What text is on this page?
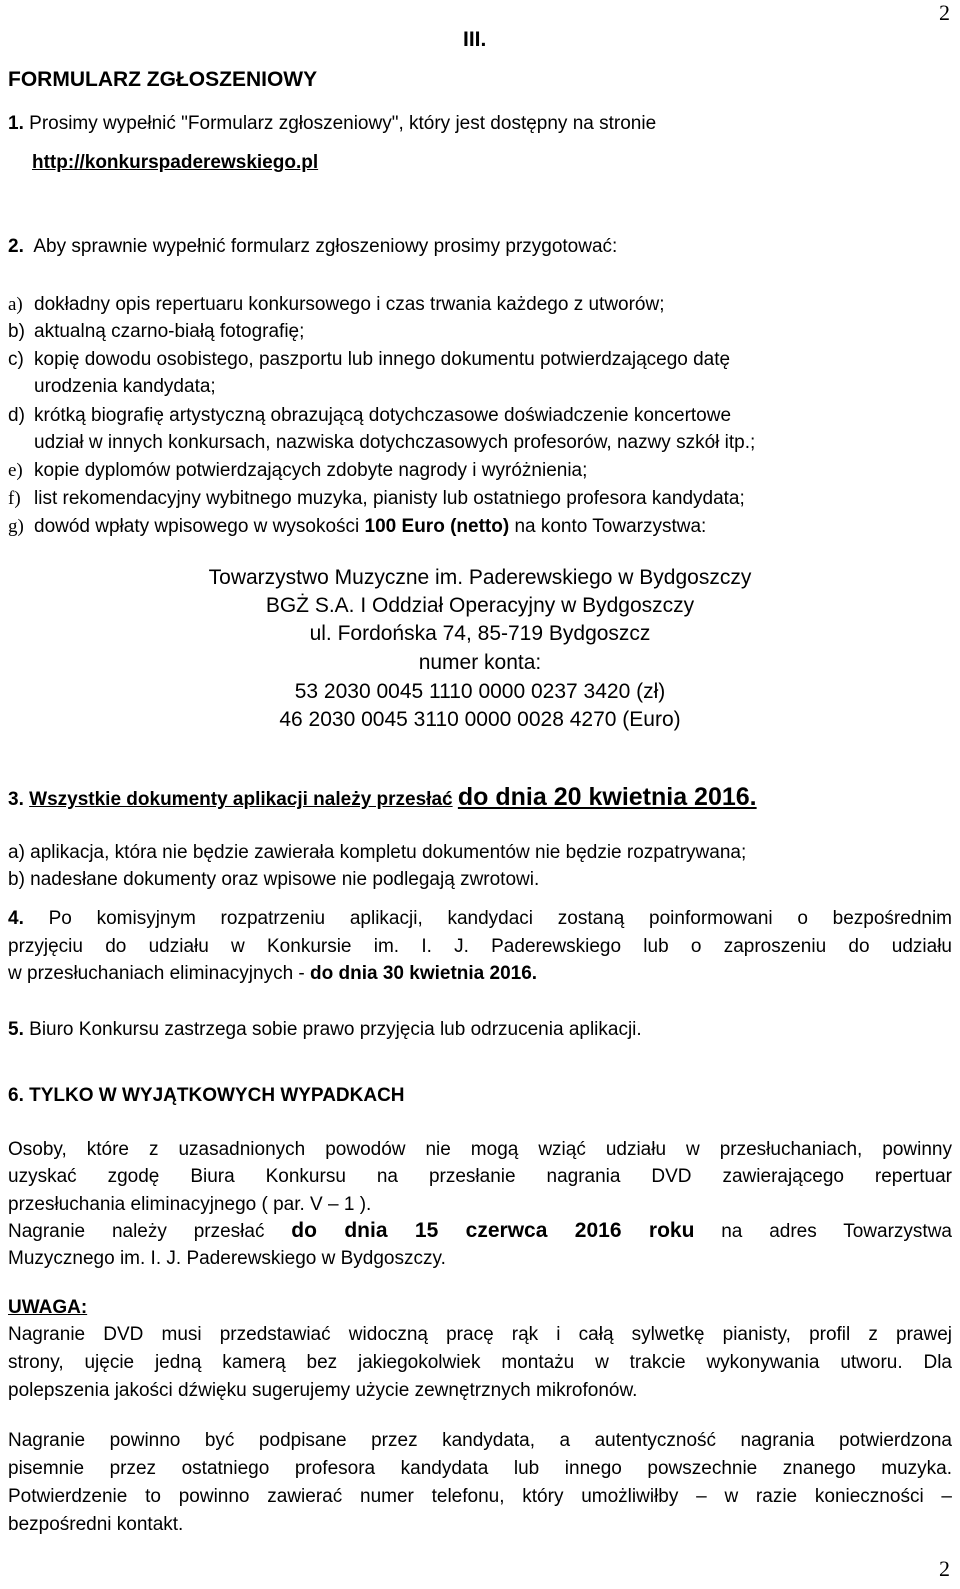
2
III.
FORMULARZ ZGŁOSZENIOWY
1. Prosimy wypełnić "Formularz zgłoszeniowy", który jest dostępny na stronie
http://konkurspaderewskiego.pl
2. Aby sprawnie wypełnić formularz zgłoszeniowy prosimy przygotować:
a) dokładny opis repertuaru konkursowego i czas trwania każdego z utworów;
b) aktualną czarno-białą fotografię;
c) kopię dowodu osobistego, paszportu lub innego dokumentu potwierdzającego datę
urodzenia kandydata;
d) krótką biografię artystyczną obrazującą dotychczasowe doświadczenie koncertowe
udział w innych konkursach, nazwiska dotychczasowych profesorów, nazwy szkół itp.;
e) kopie dyplomów potwierdzających zdobyte nagrody i wyróżnienia;
f) list rekomendacyjny wybitnego muzyka, pianisty lub ostatniego profesora kandydata;
g) dowód wpłaty wpisowego w wysokości 100 Euro (netto) na konto Towarzystwa:
Towarzystwo Muzyczne im. Paderewskiego w Bydgoszczy
BGŻ S.A. I Oddział Operacyjny w Bydgoszczy
ul. Fordońska 74, 85-719 Bydgoszcz
numer konta:
53 2030 0045 1110 0000 0237 3420 (zł)
46 2030 0045 3110 0000 0028 4270 (Euro)
3. Wszystkie dokumenty aplikacji należy przesłać do dnia 20 kwietnia 2016.
a) aplikacja, która nie będzie zawierała kompletu dokumentów nie będzie rozpatrywana;
b) nadesłane dokumenty oraz wpisowe nie podlegają zwrotowi.
4. Po komisyjnym rozpatrzeniu aplikacji, kandydaci zostaną poinformowani o bezpośrednim
przyjęciu do udziału w Konkursie im. I. J. Paderewskiego lub o zaproszeniu do udziału
w przesłuchaniach eliminacyjnych - do dnia 30 kwietnia 2016.
5. Biuro Konkursu zastrzega sobie prawo przyjęcia lub odrzucenia aplikacji.
6. TYLKO W WYJĄTKOWYCH WYPADKACH
Osoby, które z uzasadnionych powodów nie mogą wziąć udziału w przesłuchaniach, powinny
uzyskać zgodę Biura Konkursu na przesłanie nagrania DVD zawierającego repertuar
przesłuchania eliminacyjnego ( par. V – 1 ).
Nagranie należy przesłać do dnia 15 czerwca 2016 roku na adres Towarzystwa
Muzycznego im. I. J. Paderewskiego w Bydgoszczy.
UWAGA:
Nagranie DVD musi przedstawiać widoczną pracę rąk i całą sylwetkę pianisty, profil z prawej
strony, ujęcie jedną kamerą bez jakiegokolwiek montażu w trakcie wykonywania utworu. Dla
polepszenia jakości dźwięku sugerujemy użycie zewnętrznych mikrofonów.
Nagranie powinno być podpisane przez kandydata, a autentyczność nagrania potwierdzona
pisemnie przez ostatniego profesora kandydata lub innego powszechnie znanego muzyka.
Potwierdzenie to powinno zawierać numer telefonu, który umożliwiłby – w razie konieczności –
bezpośredni kontakt.
2
